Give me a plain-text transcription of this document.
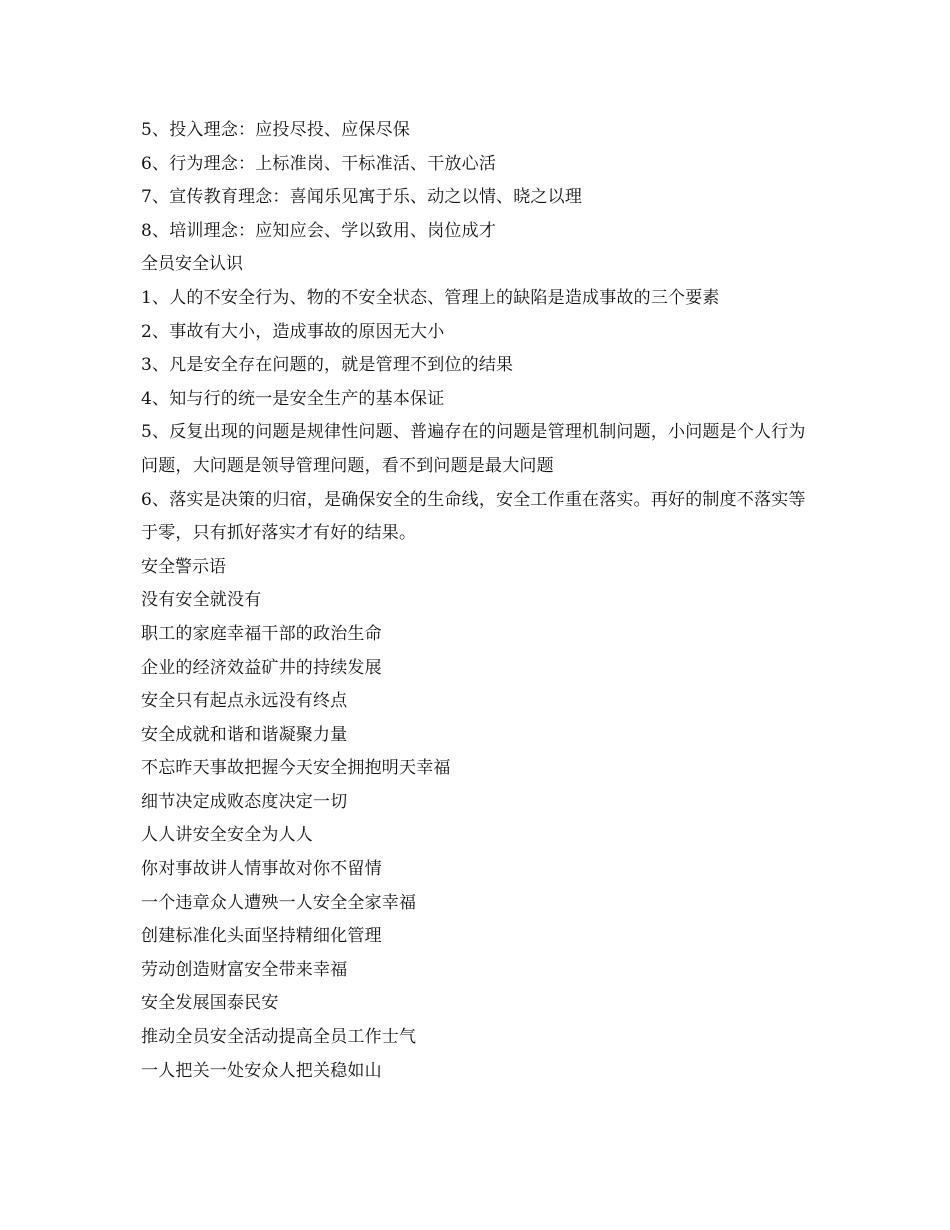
5、投入理念：应投尽投、应保尽保
6、行为理念：上标准岗、干标准活、干放心活
7、宣传教育理念：喜闻乐见寓于乐、动之以情、晓之以理
8、培训理念：应知应会、学以致用、岗位成才
全员安全认识
1、人的不安全行为、物的不安全状态、管理上的缺陷是造成事故的三个要素
2、事故有大小，造成事故的原因无大小
3、凡是安全存在问题的，就是管理不到位的结果
4、知与行的统一是安全生产的基本保证
5、反复出现的问题是规律性问题、普遍存在的问题是管理机制问题，小问题是个人行为问题，大问题是领导管理问题，看不到问题是最大问题
6、落实是决策的归宿，是确保安全的生命线，安全工作重在落实。再好的制度不落实等于零，只有抓好落实才有好的结果。
安全警示语
没有安全就没有
职工的家庭幸福干部的政治生命
企业的经济效益矿井的持续发展
安全只有起点永远没有终点
安全成就和谐和谐凝聚力量
不忘昨天事故把握今天安全拥抱明天幸福
细节决定成败态度决定一切
人人讲安全安全为人人
你对事故讲人情事故对你不留情
一个违章众人遭殃一人安全全家幸福
创建标准化头面坚持精细化管理
劳动创造财富安全带来幸福
安全发展国泰民安
推动全员安全活动提高全员工作士气
一人把关一处安众人把关稳如山
